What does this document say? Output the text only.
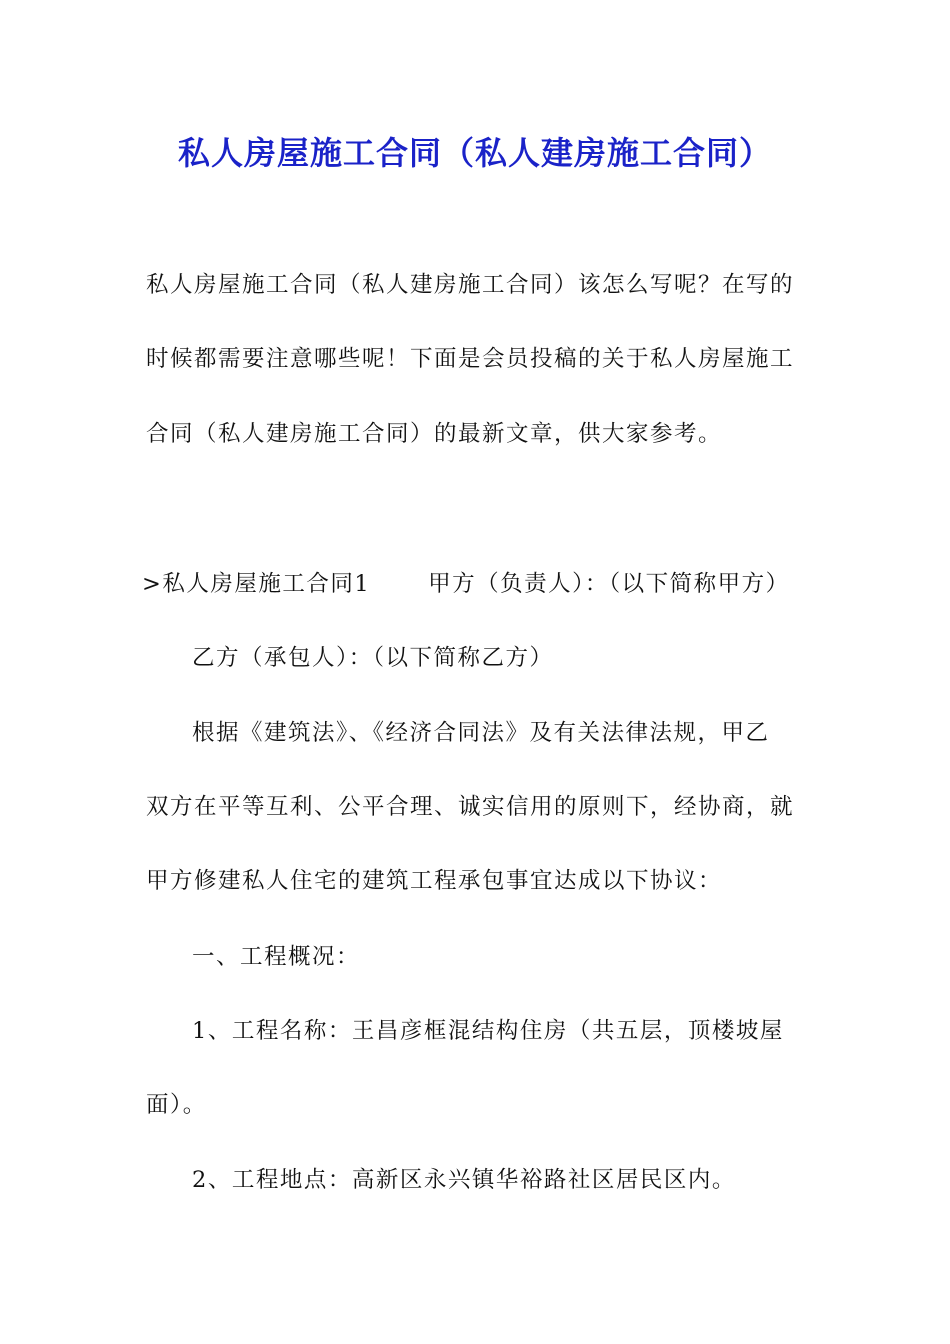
私人房屋施工合同（私人建房施工合同）
私人房屋施工合同（私人建房施工合同）该怎么写呢？在写的
时候都需要注意哪些呢！下面是会员投稿的关于私人房屋施工
合同（私人建房施工合同）的最新文章，供大家参考。
>私人房屋施工合同1	甲方（负责人）：（以下简称甲方）
乙方（承包人）：（以下简称乙方）
根据《建筑法》、《经济合同法》及有关法律法规，甲乙
双方在平等互利、公平合理、诚实信用的原则下，经协商，就
甲方修建私人住宅的建筑工程承包事宜达成以下协议：
一、工程概况：
1、工程名称：王昌彦框混结构住房（共五层，顶楼坡屋
面）。
2、工程地点：高新区永兴镇华裕路社区居民区内。
